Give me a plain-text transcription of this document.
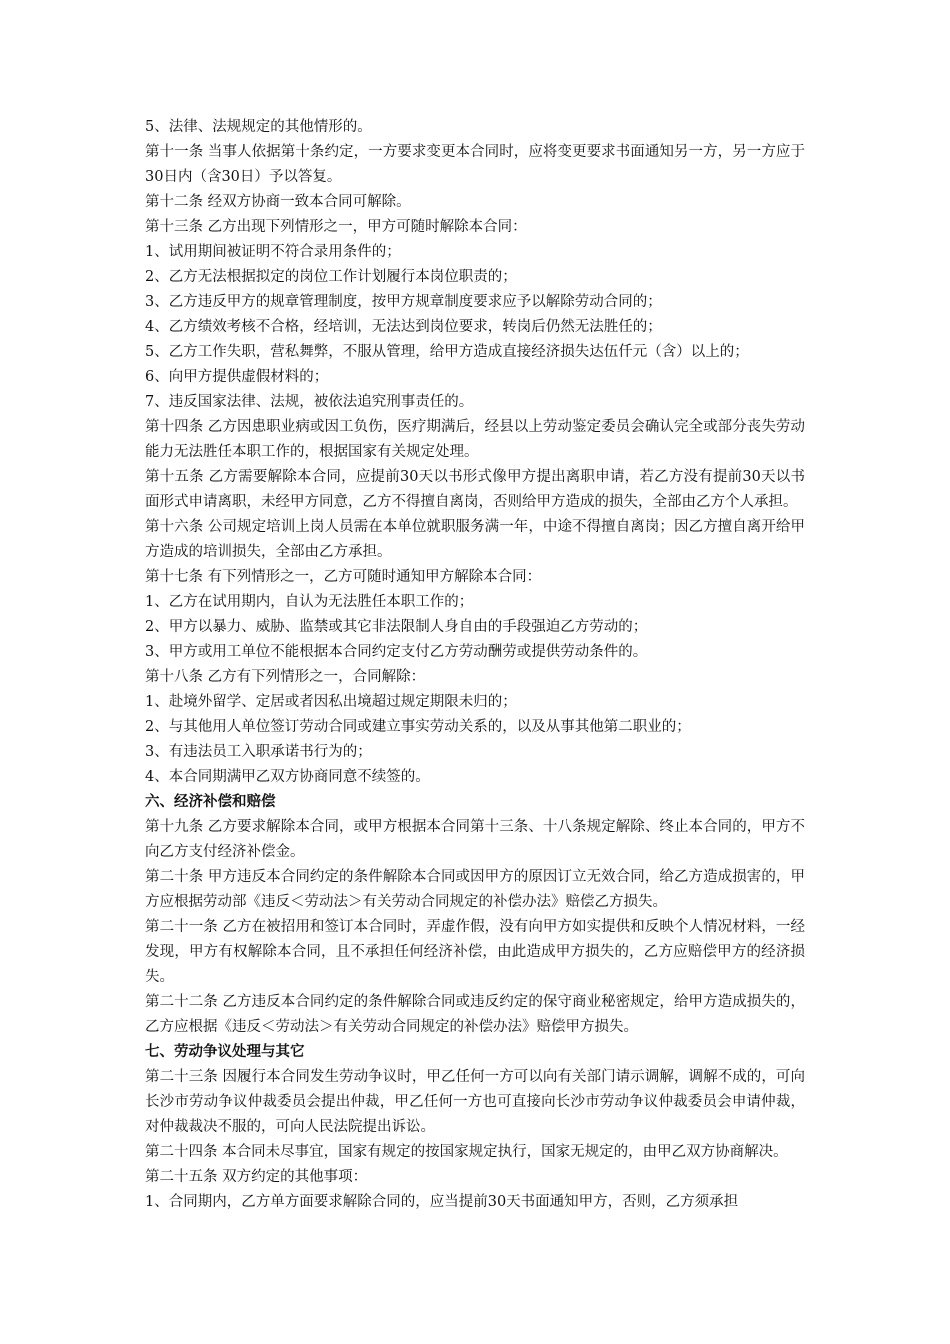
5、法律、法规规定的其他情形的。

第十一条 当事人依据第十条约定，一方要求变更本合同时，应将变更要求书面通知另一方，另一方应于30日内（含30日）予以答复。

第十二条 经双方协商一致本合同可解除。

第十三条 乙方出现下列情形之一，甲方可随时解除本合同：

1、试用期间被证明不符合录用条件的；

2、乙方无法根据拟定的岗位工作计划履行本岗位职责的；

3、乙方违反甲方的规章管理制度，按甲方规章制度要求应予以解除劳动合同的；

4、乙方绩效考核不合格，经培训，无法达到岗位要求，转岗后仍然无法胜任的；

5、乙方工作失职，营私舞弊，不服从管理，给甲方造成直接经济损失达伍仟元（含）以上的；

6、向甲方提供虚假材料的；

7、违反国家法律、法规，被依法追究刑事责任的。

第十四条 乙方因患职业病或因工负伤，医疗期满后，经县以上劳动鉴定委员会确认完全或部分丧失劳动能力无法胜任本职工作的，根据国家有关规定处理。

第十五条 乙方需要解除本合同，应提前30天以书形式像甲方提出离职申请，若乙方没有提前30天以书面形式申请离职，未经甲方同意，乙方不得擅自离岗，否则给甲方造成的损失，全部由乙方个人承担。

第十六条 公司规定培训上岗人员需在本单位就职服务满一年，中途不得擅自离岗；因乙方擅自离开给甲方造成的培训损失，全部由乙方承担。

第十七条 有下列情形之一，乙方可随时通知甲方解除本合同：

1、乙方在试用期内，自认为无法胜任本职工作的；

2、甲方以暴力、威胁、监禁或其它非法限制人身自由的手段强迫乙方劳动的；

3、甲方或用工单位不能根据本合同约定支付乙方劳动酬劳或提供劳动条件的。

第十八条 乙方有下列情形之一，合同解除：

1、赴境外留学、定居或者因私出境超过规定期限未归的；

2、与其他用人单位签订劳动合同或建立事实劳动关系的，以及从事其他第二职业的；

3、有违法员工入职承诺书行为的；

4、本合同期满甲乙双方协商同意不续签的。

六、经济补偿和赔偿

第十九条 乙方要求解除本合同，或甲方根据本合同第十三条、十八条规定解除、终止本合同的，甲方不向乙方支付经济补偿金。

第二十条 甲方违反本合同约定的条件解除本合同或因甲方的原因订立无效合同，给乙方造成损害的，甲方应根据劳动部《违反＜劳动法＞有关劳动合同规定的补偿办法》赔偿乙方损失。

第二十一条 乙方在被招用和签订本合同时，弄虚作假，没有向甲方如实提供和反映个人情况材料，一经发现，甲方有权解除本合同，且不承担任何经济补偿，由此造成甲方损失的，乙方应赔偿甲方的经济损失。

第二十二条 乙方违反本合同约定的条件解除合同或违反约定的保守商业秘密规定，给甲方造成损失的，乙方应根据《违反＜劳动法＞有关劳动合同规定的补偿办法》赔偿甲方损失。

七、劳动争议处理与其它

第二十三条 因履行本合同发生劳动争议时，甲乙任何一方可以向有关部门请示调解，调解不成的，可向长沙市劳动争议仲裁委员会提出仲裁，甲乙任何一方也可直接向长沙市劳动争议仲裁委员会申请仲裁，对仲裁裁决不服的，可向人民法院提出诉讼。

第二十四条 本合同未尽事宜，国家有规定的按国家规定执行，国家无规定的，由甲乙双方协商解决。

第二十五条 双方约定的其他事项：

1、合同期内，乙方单方面要求解除合同的，应当提前30天书面通知甲方，否则，乙方须承担
